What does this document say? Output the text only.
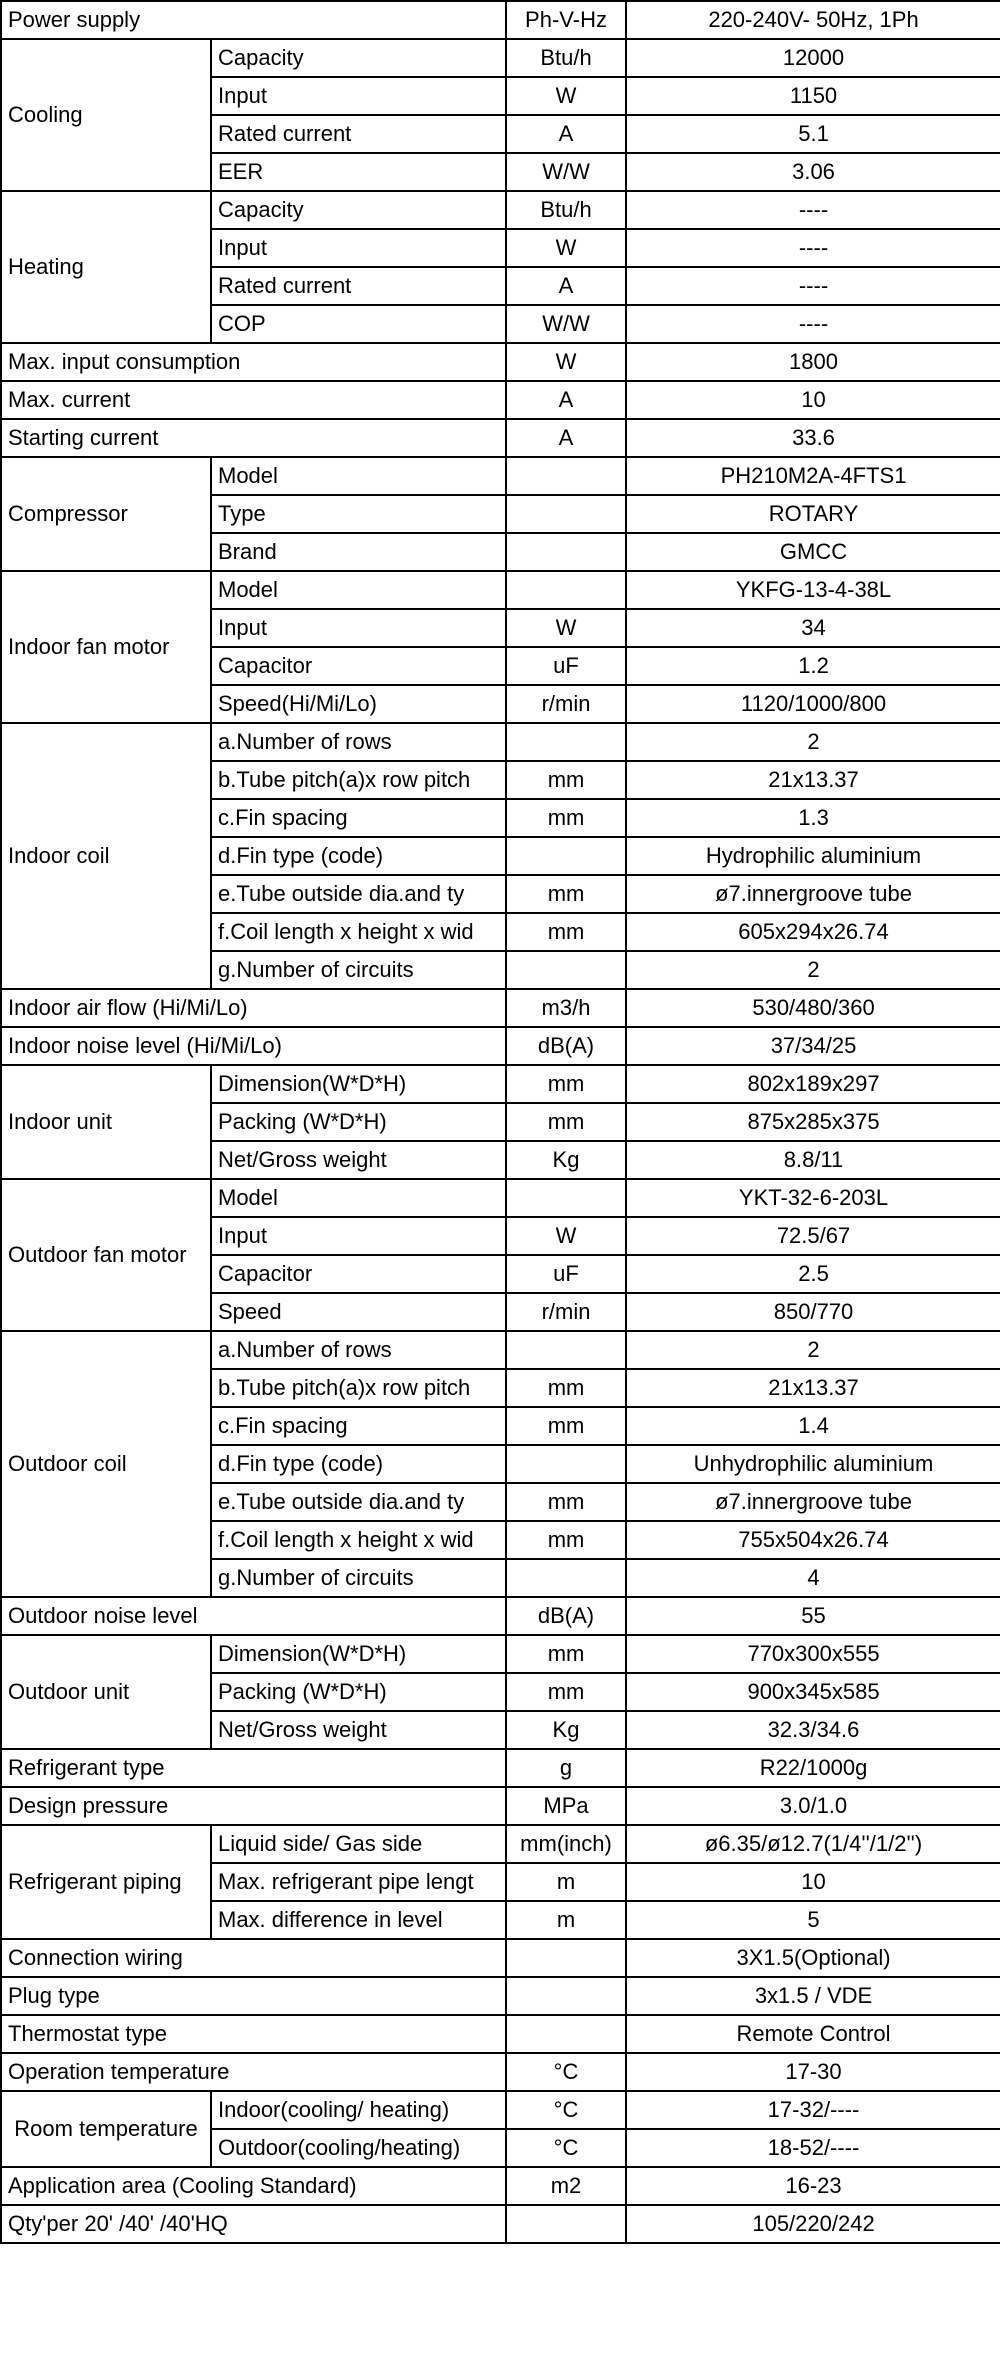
Power supply		Ph-V-Hz	220-240V- 50Hz, 1Ph
Cooling	Capacity	Btu/h	12000
	Input	W	1150
	Rated current	A	5.1
	EER	W/W	3.06
Heating	Capacity	Btu/h	----
	Input	W	----
	Rated current	A	----
	COP	W/W	----
Max. input consumption		W	1800
Max. current		A	10
Starting current		A	33.6
Compressor	Model		PH210M2A-4FTS1
	Type		ROTARY
	Brand		GMCC
Indoor fan motor	Model		YKFG-13-4-38L
	Input	W	34
	Capacitor	uF	1.2
	Speed(Hi/Mi/Lo)	r/min	1120/1000/800
Indoor coil	a.Number of rows		2
	b.Tube pitch(a)x row pitch	mm	21x13.37
	c.Fin spacing	mm	1.3
	d.Fin type (code)		Hydrophilic aluminium
	e.Tube outside dia.and ty	mm	ø7.innergroove tube
	f.Coil length x height x wid	mm	605x294x26.74
	g.Number of circuits		2
Indoor air flow (Hi/Mi/Lo)		m3/h	530/480/360
Indoor noise level (Hi/Mi/Lo)		dB(A)	37/34/25
Indoor unit	Dimension(W*D*H)	mm	802x189x297
	Packing (W*D*H)	mm	875x285x375
	Net/Gross weight	Kg	8.8/11
Outdoor fan motor	Model		YKT-32-6-203L
	Input	W	72.5/67
	Capacitor	uF	2.5
	Speed	r/min	850/770
Outdoor coil	a.Number of rows		2
	b.Tube pitch(a)x row pitch	mm	21x13.37
	c.Fin spacing	mm	1.4
	d.Fin type (code)		Unhydrophilic aluminium
	e.Tube outside dia.and ty	mm	ø7.innergroove tube
	f.Coil length x height x wid	mm	755x504x26.74
	g.Number of circuits		4
Outdoor noise level		dB(A)	55
Outdoor unit	Dimension(W*D*H)	mm	770x300x555
	Packing (W*D*H)	mm	900x345x585
	Net/Gross weight	Kg	32.3/34.6
Refrigerant type		g	R22/1000g
Design pressure		MPa	3.0/1.0
Refrigerant piping	Liquid side/ Gas side	mm(inch)	ø6.35/ø12.7(1/4''/1/2'')
	Max. refrigerant pipe lengt	m	10
	Max. difference in level	m	5
Connection wiring			3X1.5(Optional)
Plug type			3x1.5 / VDE
Thermostat type			Remote Control
Operation temperature		°C	17-30
Room temperature	Indoor(cooling/ heating)	°C	17-32/----
	Outdoor(cooling/heating)	°C	18-52/----
Application area (Cooling Standard)		m2	16-23
Qty'per 20' /40' /40'HQ			105/220/242
